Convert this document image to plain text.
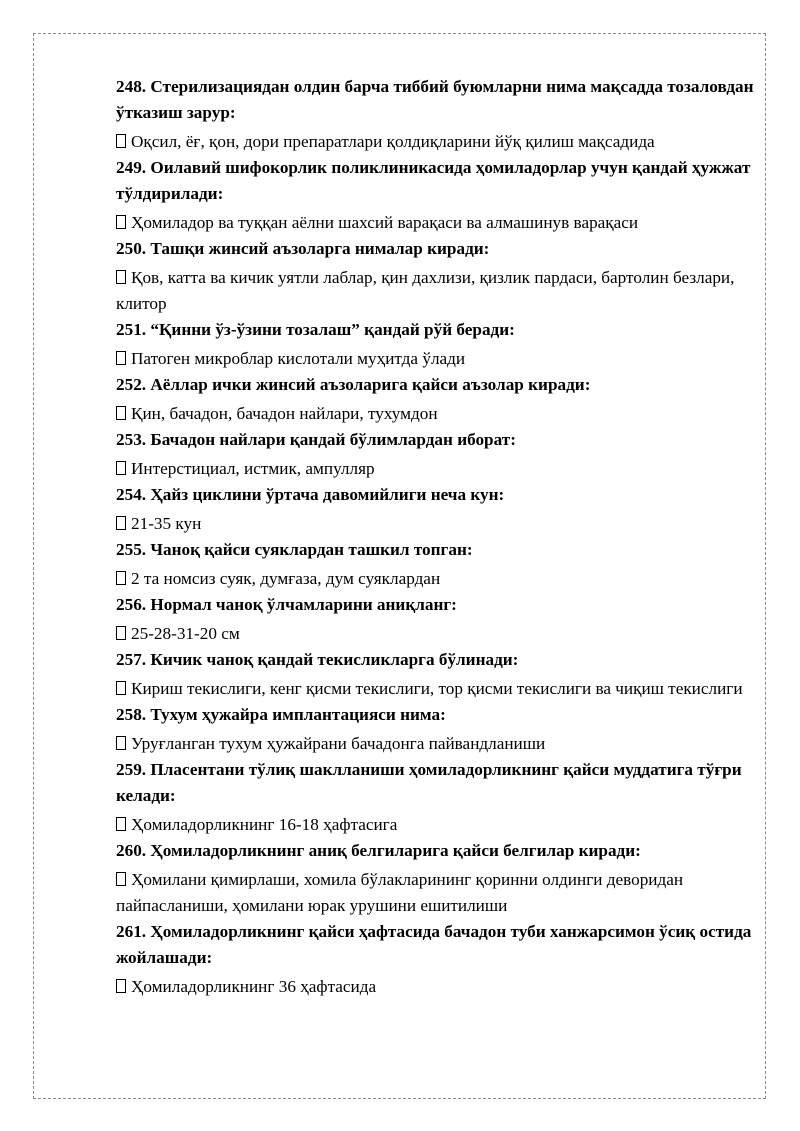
248. Стерилизациядан олдин барча тиббий буюмларни нима мақсадда тозаловдан ўтказиш зарур:

Оқсил, ёғ, қон, дори препаратлари қолдиқларини йўқ қилиш мақсадида

249. Оилавий шифокорлик поликлиникасида ҳомиладорлар учун қандай ҳужжат тўлдирилади:

Ҳомиладор ва туққан аёлни шахсий варақаси ва алмашинув варақаси

250. Ташқи жинсий аъзоларга нималар киради:

Қов, катта ва кичик уятли лаблар, қин дахлизи, қизлик пардаси, бартолин безлари, клитор

251. “Қинни ўз-ўзини тозалаш” қандай рўй беради:

Патоген микроблар кислотали муҳитда ўлади

252. Аёллар ички жинсий аъзоларига қайси аъзолар киради:

Қин, бачадон, бачадон найлари, тухумдон

253. Бачадон найлари қандай бўлимлардан иборат:

Интерстициал, истмик, ампулляр

254. Ҳайз циклини ўртача давомийлиги неча кун:

21-35 кун

255. Чаноқ қайси суяклардан ташкил топган:

2 та номсиз суяк, думғаза, дум суяклардан

256. Нормал чаноқ ўлчамларини аниқланг:

25-28-31-20 см

257. Кичик чаноқ қандай текисликларга бўлинади:

Кириш текислиги, кенг қисми текислиги, тор қисми текислиги ва чиқиш текислиги

258. Тухум ҳужайра имплантацияси нима:

Уруғланган тухум ҳужайрани бачадонга пайвандланиши

259. Пласентани тўлиқ шаклланиши ҳомиладорликнинг қайси муддатига тўғри келади:

Ҳомиладорликнинг 16-18 ҳафтасига

260. Ҳомиладорликнинг аниқ белгиларига қайси белгилар киради:

Ҳомилани қимирлаши, хомила бўлакларининг қоринни олдинги деворидан пайпасланиши, ҳомилани юрак урушини ешитилиши

261. Ҳомиладорликнинг қайси ҳафтасида бачадон туби ханжарсимон ўсиқ остида жойлашади:

Ҳомиладорликнинг 36 ҳафтасида
